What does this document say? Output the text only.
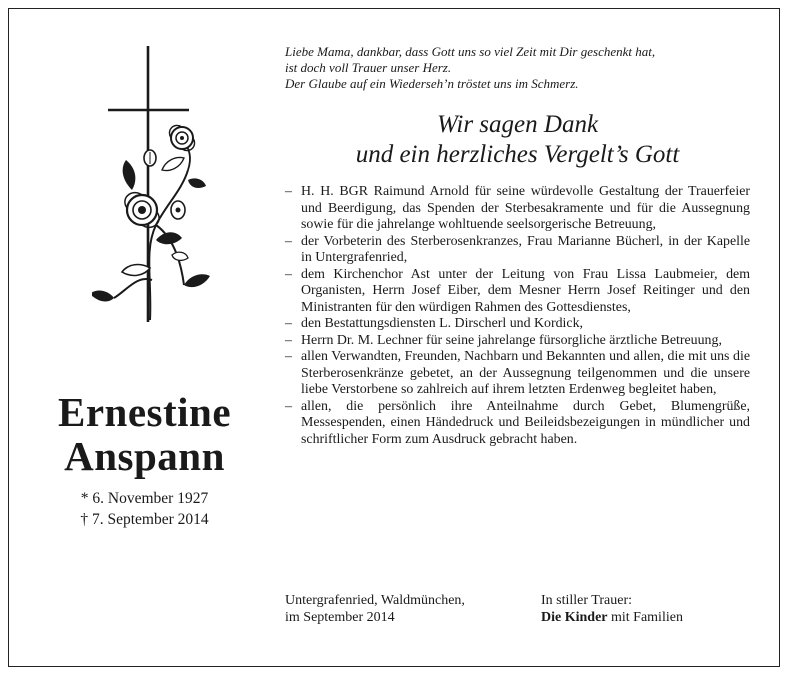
Ernestine
Anspann
* 6. November 1927
† 7. September 2014
Liebe Mama, dankbar, dass Gott uns so viel Zeit mit Dir geschenkt hat,
ist doch voll Trauer unser Herz.
Der Glaube auf ein Wiederseh’n tröstet uns im Schmerz.
Wir sagen Dank
und ein herzliches Vergelt’s Gott
– H. H. BGR Raimund Arnold für seine würdevolle Gestaltung der Trauerfeier und Beerdigung, das Spenden der Sterbesakramente und für die Aussegnung sowie für die jahrelange wohltuende seelsorgerische Betreuung,
– der Vorbeterin des Sterberosenkranzes, Frau Marianne Bücherl, in der Kapelle in Untergrafenried,
– dem Kirchenchor Ast unter der Leitung von Frau Lissa Laubmeier, dem Organisten, Herrn Josef Eiber, dem Mesner Herrn Josef Reitinger und den Ministranten für den würdigen Rahmen des Gottesdienstes,
– den Bestattungsdiensten L. Dirscherl und Kordick,
– Herrn Dr. M. Lechner für seine jahrelange fürsorgliche ärztliche Betreuung,
– allen Verwandten, Freunden, Nachbarn und Bekannten und allen, die mit uns die Sterberosenkränze gebetet, an der Aussegnung teilgenommen und die unsere liebe Verstorbene so zahlreich auf ihrem letzten Erdenweg begleitet haben,
– allen, die persönlich ihre Anteilnahme durch Gebet, Blumengrüße, Messespenden, einen Händedruck und Beileidsbezeigungen in mündlicher und schriftlicher Form zum Ausdruck gebracht haben.
Untergrafenried, Waldmünchen,
im September 2014
In stiller Trauer:
Die Kinder mit Familien
